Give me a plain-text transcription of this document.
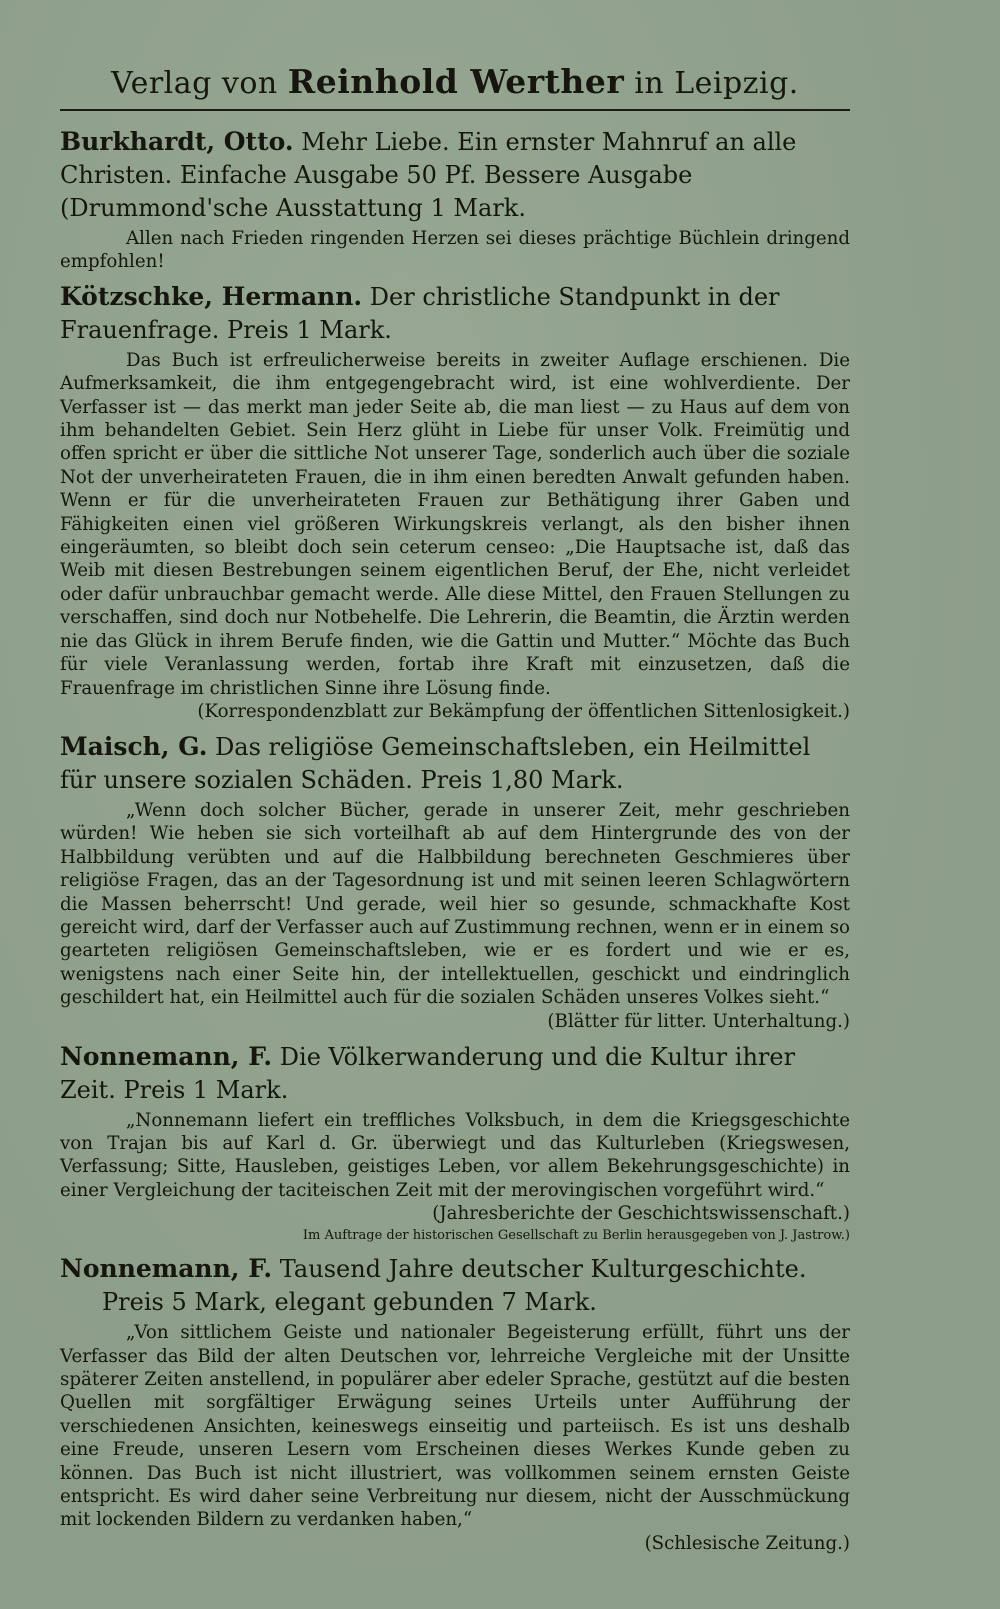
Verlag von Reinhold Werther in Leipzig.
Burkhardt, Otto. Mehr Liebe. Ein ernster Mahnruf an alle Christen. Einfache Ausgabe 50 Pf. Bessere Ausgabe (Drummond'sche Ausstattung 1 Mark.

Allen nach Frieden ringenden Herzen sei dieses prächtige Büchlein dringend empfohlen!

Kötzschke, Hermann. Der christliche Standpunkt in der Frauenfrage. Preis 1 Mark.

Das Buch ist erfreulicherweise bereits in zweiter Auflage erschienen. Die Aufmerksamkeit, die ihm entgegengebracht wird, ist eine wohlverdiente. Der Verfasser ist — das merkt man jeder Seite ab, die man liest — zu Haus auf dem von ihm behandelten Gebiet. Sein Herz glüht in Liebe für unser Volk. Freimütig und offen spricht er über die sittliche Not unserer Tage, sonderlich auch über die soziale Not der unverheirateten Frauen, die in ihm einen beredten Anwalt gefunden haben. Wenn er für die unverheirateten Frauen zur Bethätigung ihrer Gaben und Fähigkeiten einen viel größeren Wirkungskreis verlangt, als den bisher ihnen eingeräumten, so bleibt doch sein ceterum censeo: „Die Hauptsache ist, daß das Weib mit diesen Bestrebungen seinem eigentlichen Beruf, der Ehe, nicht verleidet oder dafür unbrauchbar gemacht werde. Alle diese Mittel, den Frauen Stellungen zu verschaffen, sind doch nur Notbehelfe. Die Lehrerin, die Beamtin, die Ärztin werden nie das Glück in ihrem Berufe finden, wie die Gattin und Mutter.“ Möchte das Buch für viele Veranlassung werden, fortab ihre Kraft mit einzusetzen, daß die Frauenfrage im christlichen Sinne ihre Lösung finde.

(Korrespondenzblatt zur Bekämpfung der öffentlichen Sittenlosigkeit.)
Maisch, G. Das religiöse Gemeinschaftsleben, ein Heilmittel für unsere sozialen Schäden. Preis 1,80 Mark.

„Wenn doch solcher Bücher, gerade in unserer Zeit, mehr geschrieben würden! Wie heben sie sich vorteilhaft ab auf dem Hintergrunde des von der Halbbildung verübten und auf die Halbbildung berechneten Geschmieres über religiöse Fragen, das an der Tagesordnung ist und mit seinen leeren Schlagwörtern die Massen beherrscht! Und gerade, weil hier so gesunde, schmackhafte Kost gereicht wird, darf der Verfasser auch auf Zustimmung rechnen, wenn er in einem so gearteten religiösen Gemeinschaftsleben, wie er es fordert und wie er es, wenigstens nach einer Seite hin, der intellektuellen, geschickt und eindringlich geschildert hat, ein Heilmittel auch für die sozialen Schäden unseres Volkes sieht.“

(Blätter für litter. Unterhaltung.)
Nonnemann, F. Die Völkerwanderung und die Kultur ihrer Zeit. Preis 1 Mark.

„Nonnemann liefert ein treffliches Volksbuch, in dem die Kriegsgeschichte von Trajan bis auf Karl d. Gr. überwiegt und das Kulturleben (Kriegswesen, Verfassung; Sitte, Hausleben, geistiges Leben, vor allem Bekehrungsgeschichte) in einer Vergleichung der taciteischen Zeit mit der merovingischen vorgeführt wird.“

(Jahresberichte der Geschichtswissenschaft.)
Im Auftrage der historischen Gesellschaft zu Berlin herausgegeben von J. Jastrow.)
Nonnemann, F. Tausend Jahre deutscher Kulturgeschichte.
Preis 5 Mark, elegant gebunden 7 Mark.

„Von sittlichem Geiste und nationaler Begeisterung erfüllt, führt uns der Verfasser das Bild der alten Deutschen vor, lehrreiche Vergleiche mit der Unsitte späterer Zeiten anstellend, in populärer aber edeler Sprache, gestützt auf die besten Quellen mit sorgfältiger Erwägung seines Urteils unter Aufführung der verschiedenen Ansichten, keineswegs einseitig und parteiisch. Es ist uns deshalb eine Freude, unseren Lesern vom Erscheinen dieses Werkes Kunde geben zu können. Das Buch ist nicht illustriert, was vollkommen seinem ernsten Geiste entspricht. Es wird daher seine Verbreitung nur diesem, nicht der Ausschmückung mit lockenden Bildern zu verdanken haben,“

(Schlesische Zeitung.)
